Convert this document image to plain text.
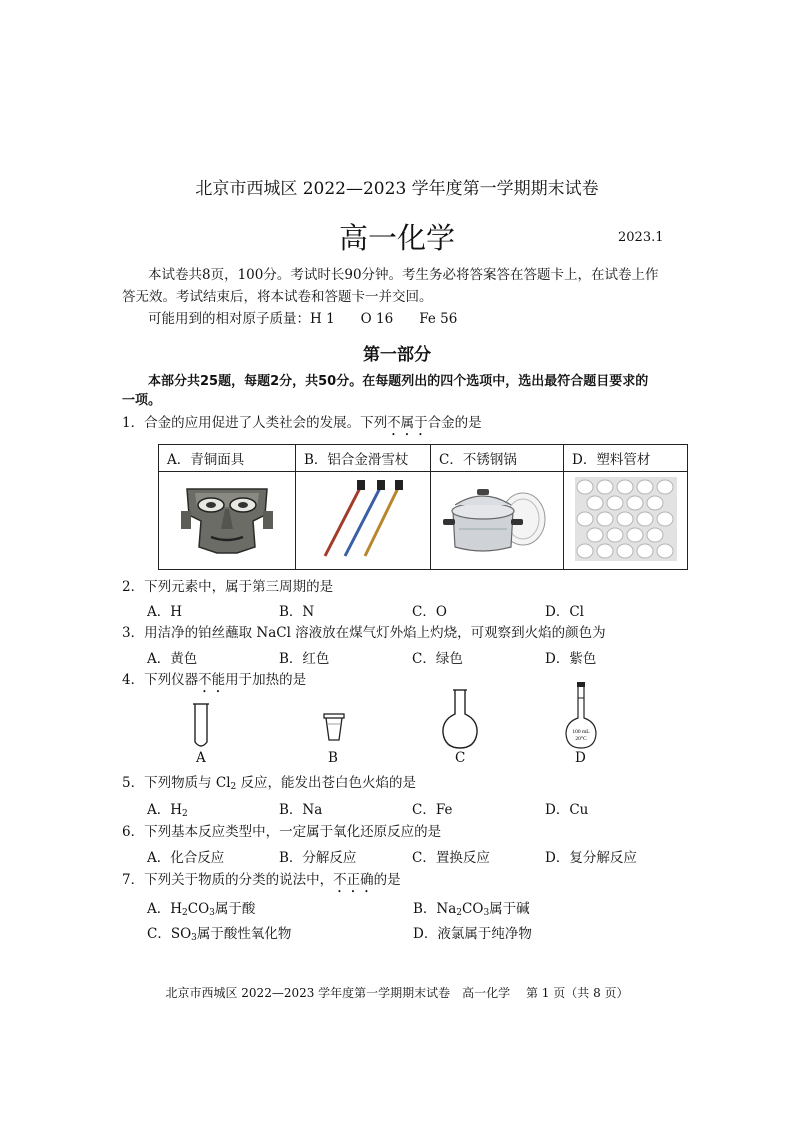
北京市西城区 2022—2023 学年度第一学期期末试卷
高一化学	2023.1
本试卷共8页，100分。考试时长90分钟。考生务必将答案答在答题卡上，在试卷上作
答无效。考试结束后，将本试卷和答题卡一并交回。
可能用到的相对原子质量：H 1 O 16 Fe 56
第一部分
本部分共25题，每题2分，共50分。在每题列出的四个选项中，选出最符合题目要求的
一项。
1．合金的应用促进了人类社会的发展。下列不属于合金的是
A．青铜面具	B．铝合金滑雪杖	C．不锈钢锅	D．塑料管材

2．下列元素中，属于第三周期的是
A．H	B．N	C．O	D．Cl
3．用洁净的铂丝蘸取 NaCl 溶液放在煤气灯外焰上灼烧，可观察到火焰的颜色为
A．黄色	B．红色	C．绿色	D．紫色
4．下列仪器不能用于加热的是
100 mL
20°C
A	B	C	D
5．下列物质与 $Cl_2$ 反应，能发出苍白色火焰的是
A．$H_2$	B．Na	C．Fe	D．Cu
6．下列基本反应类型中，一定属于氧化还原反应的是
A．化合反应	B．分解反应	C．置换反应	D．复分解反应
7．下列关于物质的分类的说法中，不正确的是
A．$H_2CO_3$属于酸	B．$Na_2CO_3$属于碱
C．$SO_3$属于酸性氧化物	D．液氯属于纯净物
北京市西城区 2022—2023 学年度第一学期期末试卷　高一化学　 第 1 页（共 8 页）
